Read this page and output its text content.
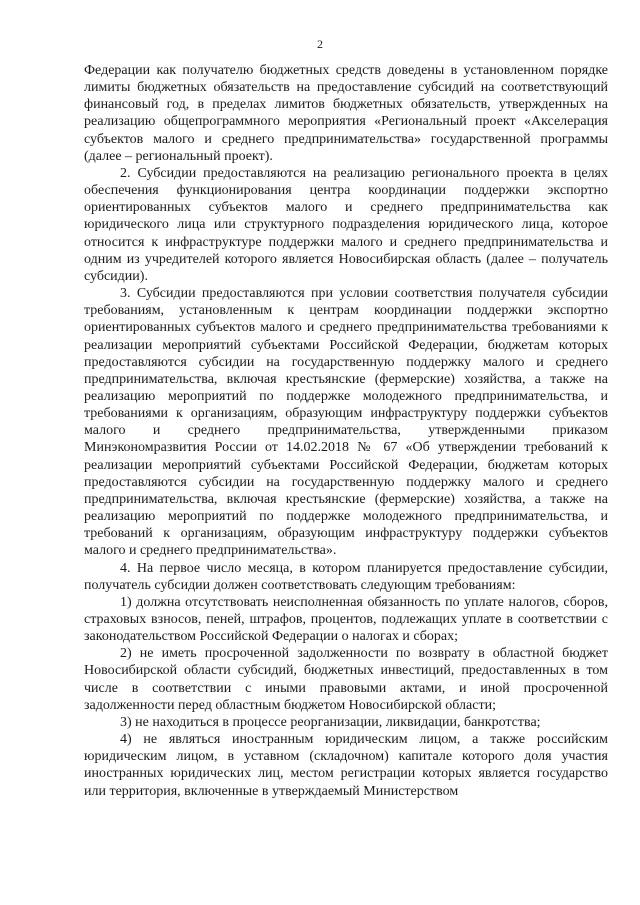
2

Федерации как получателю бюджетных средств доведены в установленном порядке лимиты бюджетных обязательств на предоставление субсидий на соответствующий финансовый год, в пределах лимитов бюджетных обязательств, утвержденных на реализацию общепрограммного мероприятия «Региональный проект «Акселерация субъектов малого и среднего предпринимательства» государственной программы (далее – региональный проект).

2. Субсидии предоставляются на реализацию регионального проекта в целях обеспечения функционирования центра координации поддержки экспортно ориентированных субъектов малого и среднего предпринимательства как юридического лица или структурного подразделения юридического лица, которое относится к инфраструктуре поддержки малого и среднего предпринимательства и одним из учредителей которого является Новосибирская область (далее – получатель субсидии).

3. Субсидии предоставляются при условии соответствия получателя субсидии требованиям, установленным к центрам координации поддержки экспортно ориентированных субъектов малого и среднего предпринимательства требованиями к реализации мероприятий субъектами Российской Федерации, бюджетам которых предоставляются субсидии на государственную поддержку малого и среднего предпринимательства, включая крестьянские (фермерские) хозяйства, а также на реализацию мероприятий по поддержке молодежного предпринимательства, и требованиями к организациям, образующим инфраструктуру поддержки субъектов малого и среднего предпринимательства, утвержденными приказом Минэкономразвития России от 14.02.2018 № 67 «Об утверждении требований к реализации мероприятий субъектами Российской Федерации, бюджетам которых предоставляются субсидии на государственную поддержку малого и среднего предпринимательства, включая крестьянские (фермерские) хозяйства, а также на реализацию мероприятий по поддержке молодежного предпринимательства, и требований к организациям, образующим инфраструктуру поддержки субъектов малого и среднего предпринимательства».

4. На первое число месяца, в котором планируется предоставление субсидии, получатель субсидии должен соответствовать следующим требованиям:

1) должна отсутствовать неисполненная обязанность по уплате налогов, сборов, страховых взносов, пеней, штрафов, процентов, подлежащих уплате в соответствии с законодательством Российской Федерации о налогах и сборах;

2) не иметь просроченной задолженности по возврату в областной бюджет Новосибирской области субсидий, бюджетных инвестиций, предоставленных в том числе в соответствии с иными правовыми актами, и иной просроченной задолженности перед областным бюджетом Новосибирской области;

3) не находиться в процессе реорганизации, ликвидации, банкротства;

4) не являться иностранным юридическим лицом, а также российским юридическим лицом, в уставном (складочном) капитале которого доля участия иностранных юридических лиц, местом регистрации которых является государство или территория, включенные в утверждаемый Министерством
